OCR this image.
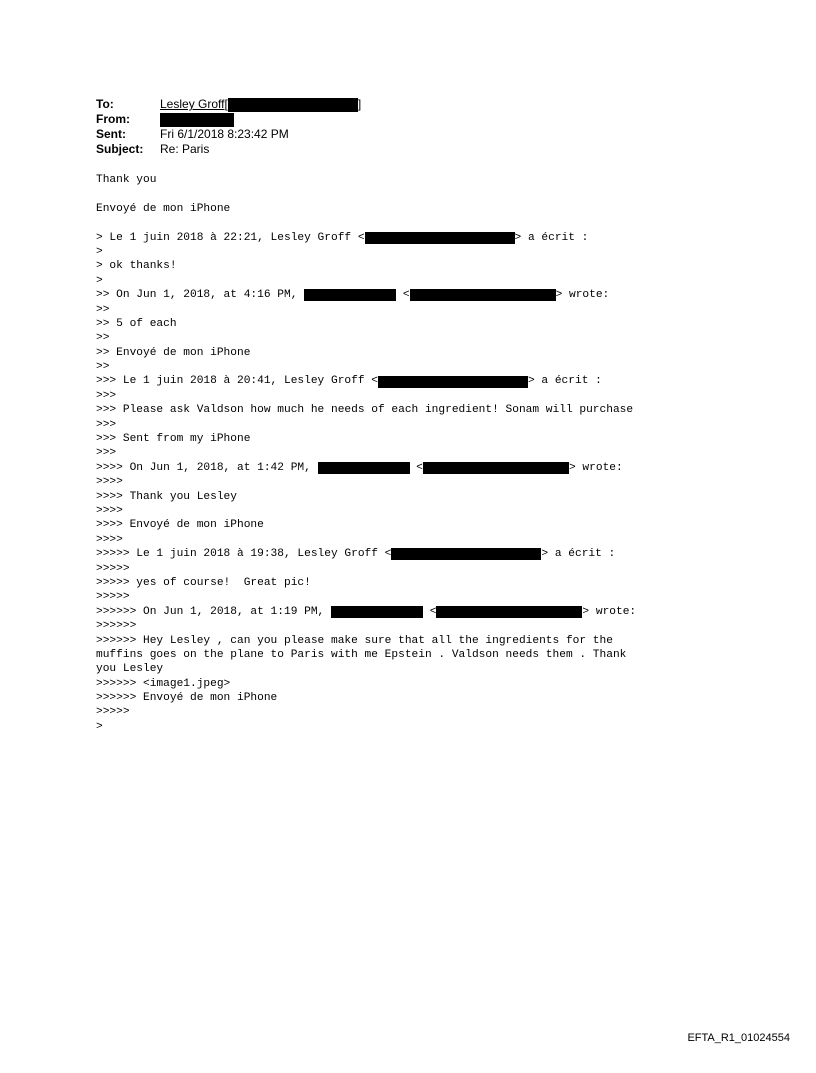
To:	Lesley Groff [	]
From:
Sent:	Fri 6/1/2018 8:23:42 PM
Subject:	Re: Paris
Thank you
Envoyé de mon iPhone
> Le 1 juin 2018 à 22:21, Lesley Groff <	> a écrit :
>
> ok thanks!
>
>> On Jun 1, 2018, at 4:16 PM,	<	> wrote:
>>
>> 5 of each
>>
>> Envoyé de mon iPhone
>>
>>> Le 1 juin 2018 à 20:41, Lesley Groff <	> a écrit :
>>>
>>> Please ask Valdson how much he needs of each ingredient! Sonam will purchase
>>>
>>> Sent from my iPhone
>>>
>>>> On Jun 1, 2018, at 1:42 PM,	<	> wrote:
>>>>
>>>> Thank you Lesley
>>>>
>>>> Envoyé de mon iPhone
>>>>
>>>>> Le 1 juin 2018 à 19:38, Lesley Groff <	> a écrit :
>>>>>
>>>>> yes of course!  Great pic!
>>>>>
>>>>>> On Jun 1, 2018, at 1:19 PM,	<	> wrote:
>>>>>>
>>>>>> Hey Lesley , can you please make sure that all the ingredients for the
muffins goes on the plane to Paris with me Epstein . Valdson needs them . Thank
you Lesley
>>>>>> <image1.jpeg>
>>>>>> Envoyé de mon iPhone
>>>>>
>
EFTA_R1_01024554
